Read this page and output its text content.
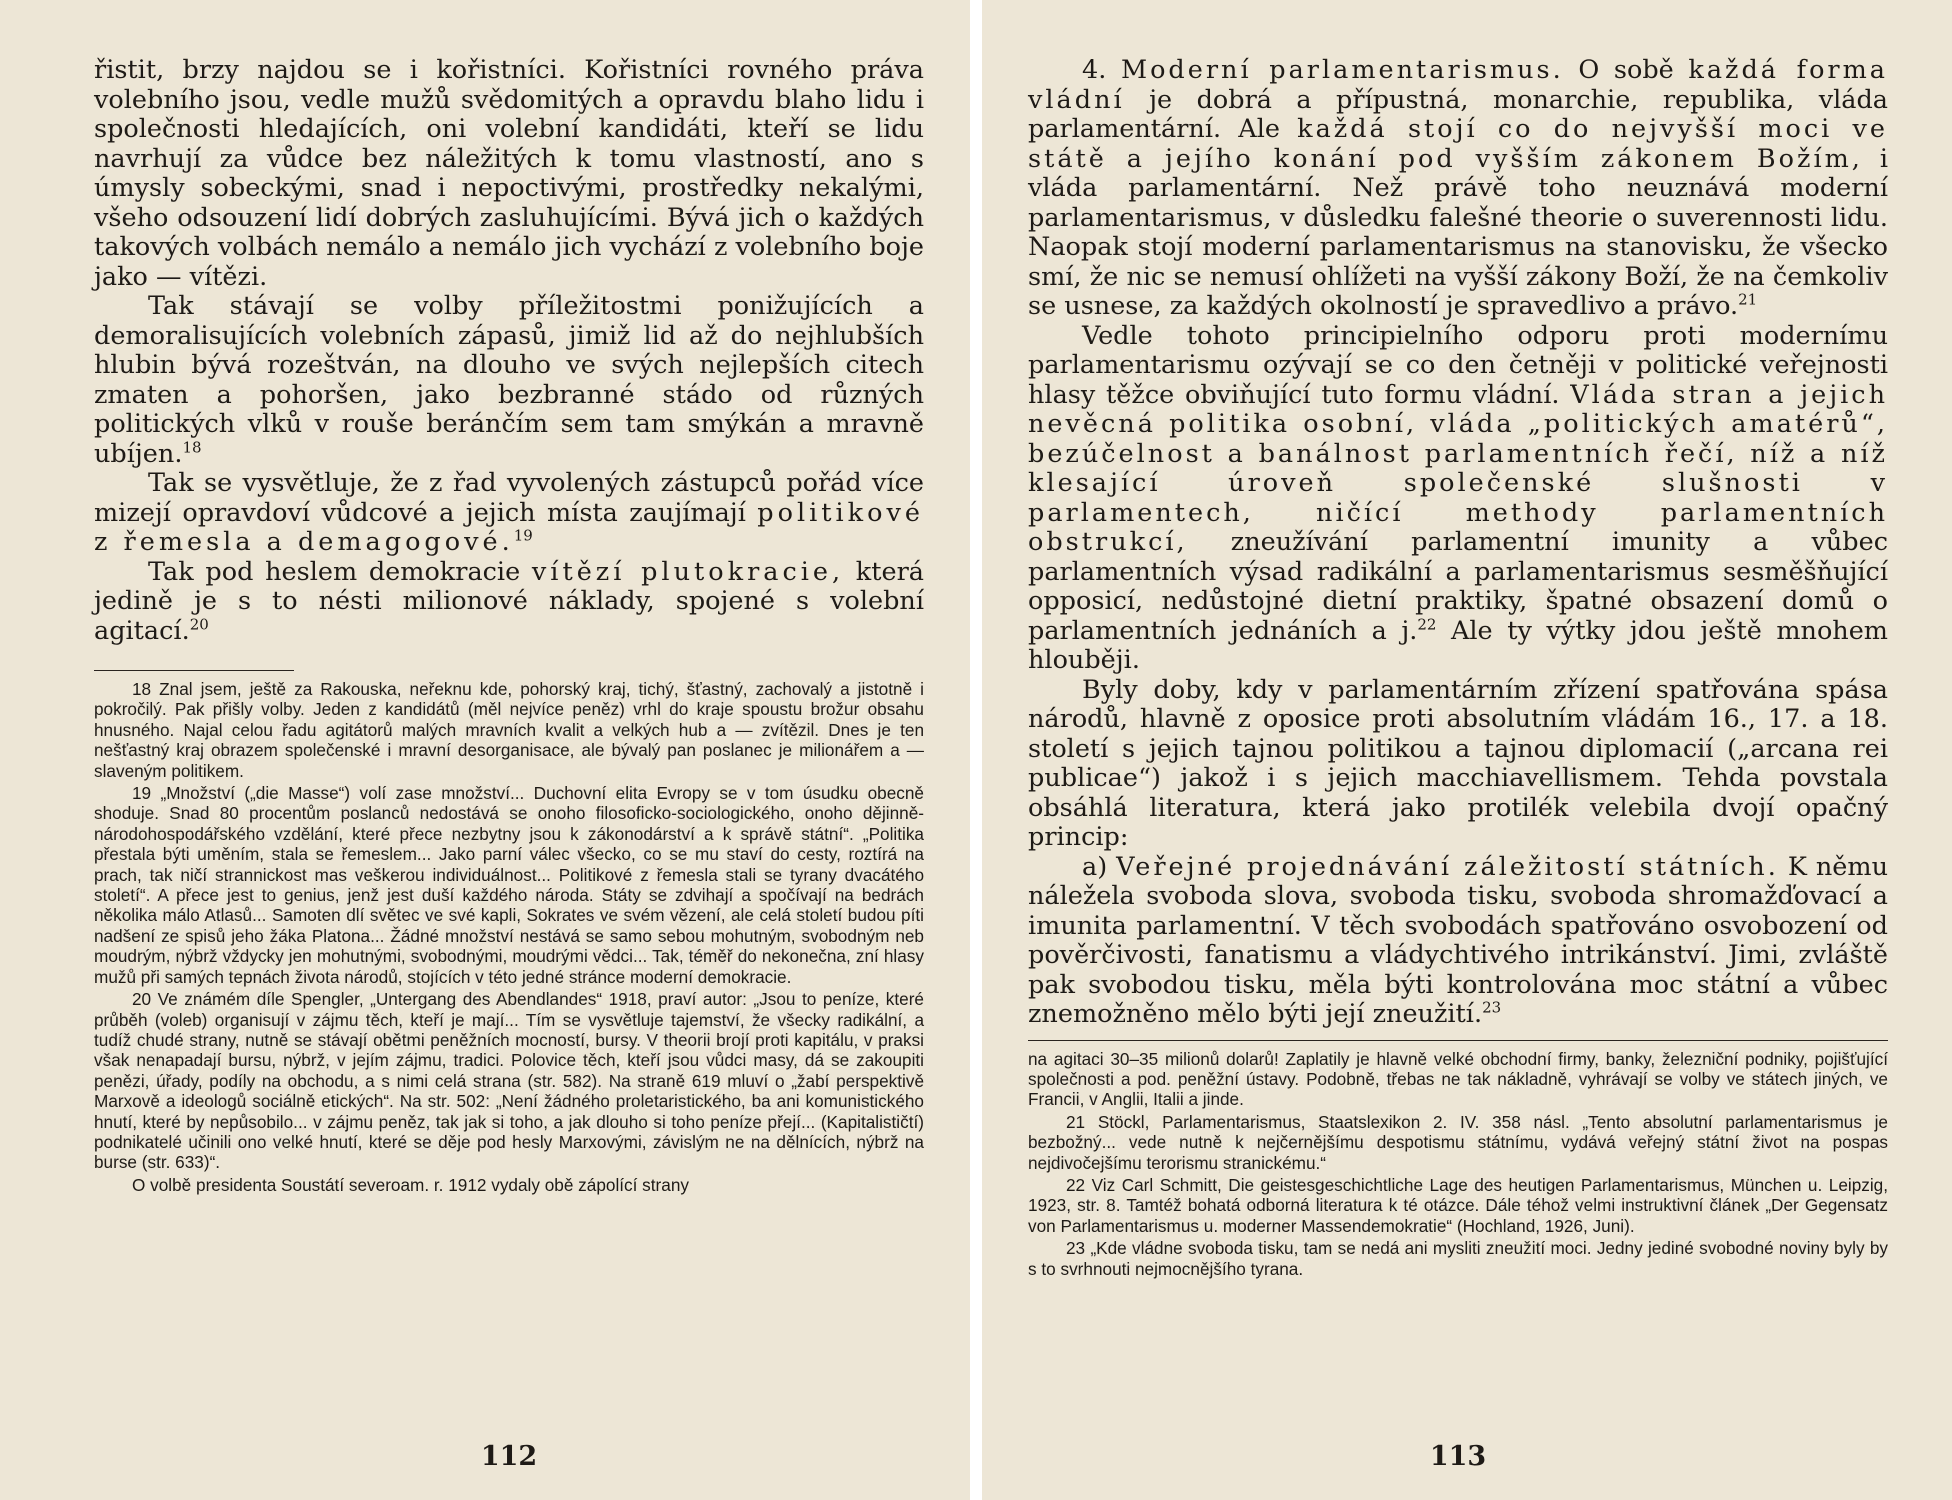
řistit, brzy najdou se i kořistníci. Kořistníci rovného práva volebního jsou, vedle mužů svědomitých a opravdu blaho lidu i společnosti hledajících, oni volební kandidáti, kteří se lidu navrhují za vůdce bez náležitých k tomu vlastností, ano s úmysly sobeckými, snad i nepoctivými, prostředky nekalými, všeho odsouzení lidí dobrých zasluhujícími. Bývá jich o každých takových volbách nemálo a nemálo jich vychází z volebního boje jako — vítězi.

Tak stávají se volby příležitostmi ponižujících a demoralisujících volebních zápasů, jimiž lid až do nejhlubších hlubin bývá rozeštván, na dlouho ve svých nejlepších citech zmaten a pohoršen, jako bezbranné stádo od různých politických vlků v rouše beránčím sem tam smýkán a mravně ubíjen.$^{18}$

Tak se vysvětluje, že z řad vyvolených zástupců pořád více mizejí opravdoví vůdcové a jejich místa zaujímají politikové z řemesla a demagogové.$^{19}$

Tak pod heslem demokracie vítězí plutokracie, která jedině je s to nésti milionové náklady, spojené s volební agitací.$^{20}$

18 Znal jsem, ještě za Rakouska, neřeknu kde, pohorský kraj, tichý, šťastný, zachovalý a jistotně i pokročilý. Pak přišly volby. Jeden z kandidátů (měl nejvíce peněz) vrhl do kraje spoustu brožur obsahu hnusného. Najal celou řadu agitátorů malých mravních kvalit a velkých hub a — zvítězil. Dnes je ten nešťastný kraj obrazem společenské i mravní desorganisace, ale bývalý pan poslanec je milionářem a — slaveným politikem.

19 „Množství („die Masse“) volí zase množství... Duchovní elita Evropy se v tom úsudku obecně shoduje. Snad 80 procentům poslanců nedostává se onoho filosoficko-sociologického, onoho dějinně-národohospodářského vzdělání, které přece nezbytny jsou k zákonodárství a k správě státní“. „Politika přestala býti uměním, stala se řemeslem... Jako parní válec všecko, co se mu staví do cesty, roztírá na prach, tak ničí strannickost mas veškerou individuálnost... Politikové z řemesla stali se tyrany dvacátého století“. A přece jest to genius, jenž jest duší každého národa. Státy se zdvihají a spočívají na bedrách několika málo Atlasů... Samoten dlí světec ve své kapli, Sokrates ve svém vězení, ale celá století budou píti nadšení ze spisů jeho žáka Platona... Žádné množství nestává se samo sebou mohutným, svobodným neb moudrým, nýbrž vždycky jen mohutnými, svobodnými, moudrými vědci... Tak, téměř do nekonečna, zní hlasy mužů při samých tepnách života národů, stojících v této jedné stránce moderní demokracie.

20 Ve známém díle Spengler, „Untergang des Abendlandes“ 1918, praví autor: „Jsou to peníze, které průběh (voleb) organisují v zájmu těch, kteří je mají... Tím se vysvětluje tajemství, že všecky radikální, a tudíž chudé strany, nutně se stávají obětmi peněžních mocností, bursy. V theorii brojí proti kapitálu, v praksi však nenapadají bursu, nýbrž, v jejím zájmu, tradici. Polovice těch, kteří jsou vůdci masy, dá se zakoupiti penězi, úřady, podíly na obchodu, a s nimi celá strana (str. 582). Na straně 619 mluví o „žabí perspektivě Marxově a ideologů sociálně etických“. Na str. 502: „Není žádného proletaristického, ba ani komunistického hnutí, které by nepůsobilo... v zájmu peněz, tak jak si toho, a jak dlouho si toho peníze přejí... (Kapitalističtí) podnikatelé učinili ono velké hnutí, které se děje pod hesly Marxovými, závislým ne na dělnících, nýbrž na burse (str. 633)“.

O volbě presidenta Soustátí severoam. r. 1912 vydaly obě zápolící strany

112

4. Moderní parlamentarismus. O sobě každá forma vládní je dobrá a přípustná, monarchie, republika, vláda parlamentární. Ale každá stojí co do nejvyšší moci ve státě a jejího konání pod vyšším zákonem Božím, i vláda parlamentární. Než právě toho neuznává moderní parlamentarismus, v důsledku falešné theorie o suverennosti lidu. Naopak stojí moderní parlamentarismus na stanovisku, že všecko smí, že nic se nemusí ohlížeti na vyšší zákony Boží, že na čemkoliv se usnese, za každých okolností je spravedlivo a právo.$^{21}$

Vedle tohoto principielního odporu proti modernímu parlamentarismu ozývají se co den četněji v politické veřejnosti hlasy těžce obviňující tuto formu vládní. Vláda stran a jejich nevěcná politika osobní, vláda „politických amatérů“, bezúčelnost a banálnost parlamentních řečí, níž a níž klesající úroveň společenské slušnosti v parlamentech, ničící methody parlamentních obstrukcí, zneužívání parlamentní imunity a vůbec parlamentních výsad radikální a parlamentarismus sesměšňující opposicí, nedůstojné dietní praktiky, špatné obsazení domů o parlamentních jednáních a j.$^{22}$ Ale ty výtky jdou ještě mnohem hlouběji.

Byly doby, kdy v parlamentárním zřízení spatřována spása národů, hlavně z oposice proti absolutním vládám 16., 17. a 18. století s jejich tajnou politikou a tajnou diplomacií („arcana rei publicae“) jakož i s jejich macchiavellismem. Tehda povstala obsáhlá literatura, která jako protilék velebila dvojí opačný princip:

a) Veřejné projednávání záležitostí státních. K němu náležela svoboda slova, svoboda tisku, svoboda shromažďovací a imunita parlamentní. V těch svobodách spatřováno osvobození od pověrčivosti, fanatismu a vládychtivého intrikánství. Jimi, zvláště pak svobodou tisku, měla býti kontrolována moc státní a vůbec znemožněno mělo býti její zneužití.$^{23}$

na agitaci 30–35 milionů dolarů! Zaplatily je hlavně velké obchodní firmy, banky, železniční podniky, pojišťující společnosti a pod. peněžní ústavy. Podobně, třebas ne tak nákladně, vyhrávají se volby ve státech jiných, ve Francii, v Anglii, Italii a jinde.

21 Stöckl, Parlamentarismus, Staatslexikon 2. IV. 358 násl. „Tento absolutní parlamentarismus je bezbožný... vede nutně k nejčernějšímu despotismu státnímu, vydává veřejný státní život na pospas nejdivočejšímu terorismu stranickému.“

22 Viz Carl Schmitt, Die geistesgeschichtliche Lage des heutigen Parlamentarismus, München u. Leipzig, 1923, str. 8. Tamtéž bohatá odborná literatura k té otázce. Dále téhož velmi instruktivní článek „Der Gegensatz von Parlamentarismus u. moderner Massendemokratie“ (Hochland, 1926, Juni).

23 „Kde vládne svoboda tisku, tam se nedá ani mysliti zneužití moci. Jedny jediné svobodné noviny byly by s to svrhnouti nejmocnějšího tyrana.

113
